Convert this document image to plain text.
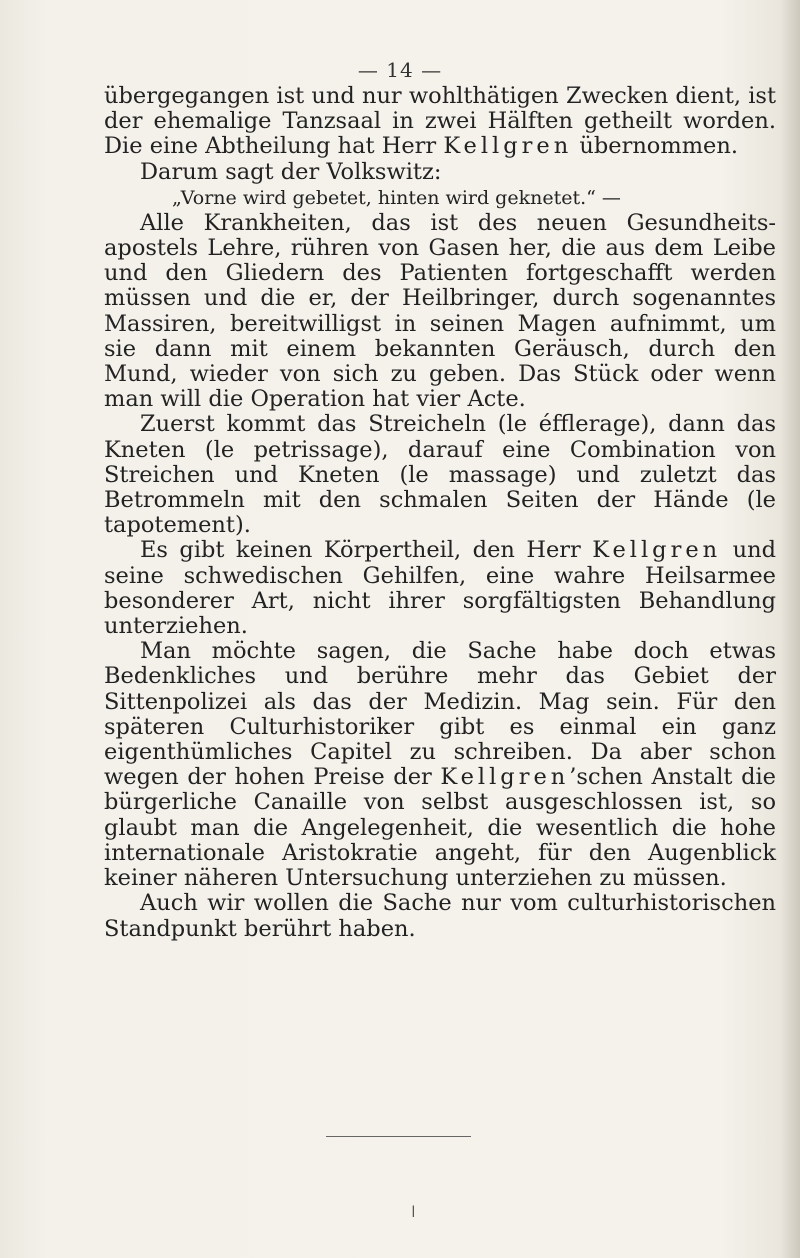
— 14 —

übergegangen ist und nur wohlthätigen Zwecken dient, ist der ehemalige Tanzsaal in zwei Hälften getheilt worden. Die eine Abtheilung hat Herr Kellgren übernommen.

Darum sagt der Volkswitz:

„Vorne wird gebetet, hinten wird geknetet.“ —

Alle Krankheiten, das ist des neuen Gesundheits-apostels Lehre, rühren von Gasen her, die aus dem Leibe und den Gliedern des Patienten fortgeschafft werden müssen und die er, der Heilbringer, durch sogenanntes Massiren, bereitwilligst in seinen Magen aufnimmt, um sie dann mit einem bekannten Geräusch, durch den Mund, wieder von sich zu geben. Das Stück oder wenn man will die Operation hat vier Acte.

Zuerst kommt das Streicheln (le éfflerage), dann das Kneten (le petrissage), darauf eine Combination von Streichen und Kneten (le massage) und zuletzt das Betrommeln mit den schmalen Seiten der Hände (le tapotement).

Es gibt keinen Körpertheil, den Herr Kellgren und seine schwedischen Gehilfen, eine wahre Heilsarmee besonderer Art, nicht ihrer sorgfältigsten Behandlung unterziehen.

Man möchte sagen, die Sache habe doch etwas Bedenkliches und berühre mehr das Gebiet der Sittenpolizei als das der Medizin. Mag sein. Für den späteren Culturhistoriker gibt es einmal ein ganz eigenthümliches Capitel zu schreiben. Da aber schon wegen der hohen Preise der Kellgren’schen Anstalt die bürgerliche Canaille von selbst ausgeschlossen ist, so glaubt man die Angelegenheit, die wesentlich die hohe internationale Aristokratie angeht, für den Augenblick keiner näheren Untersuchung unterziehen zu müssen.

Auch wir wollen die Sache nur vom culturhistorischen Standpunkt berührt haben.

ǀ
